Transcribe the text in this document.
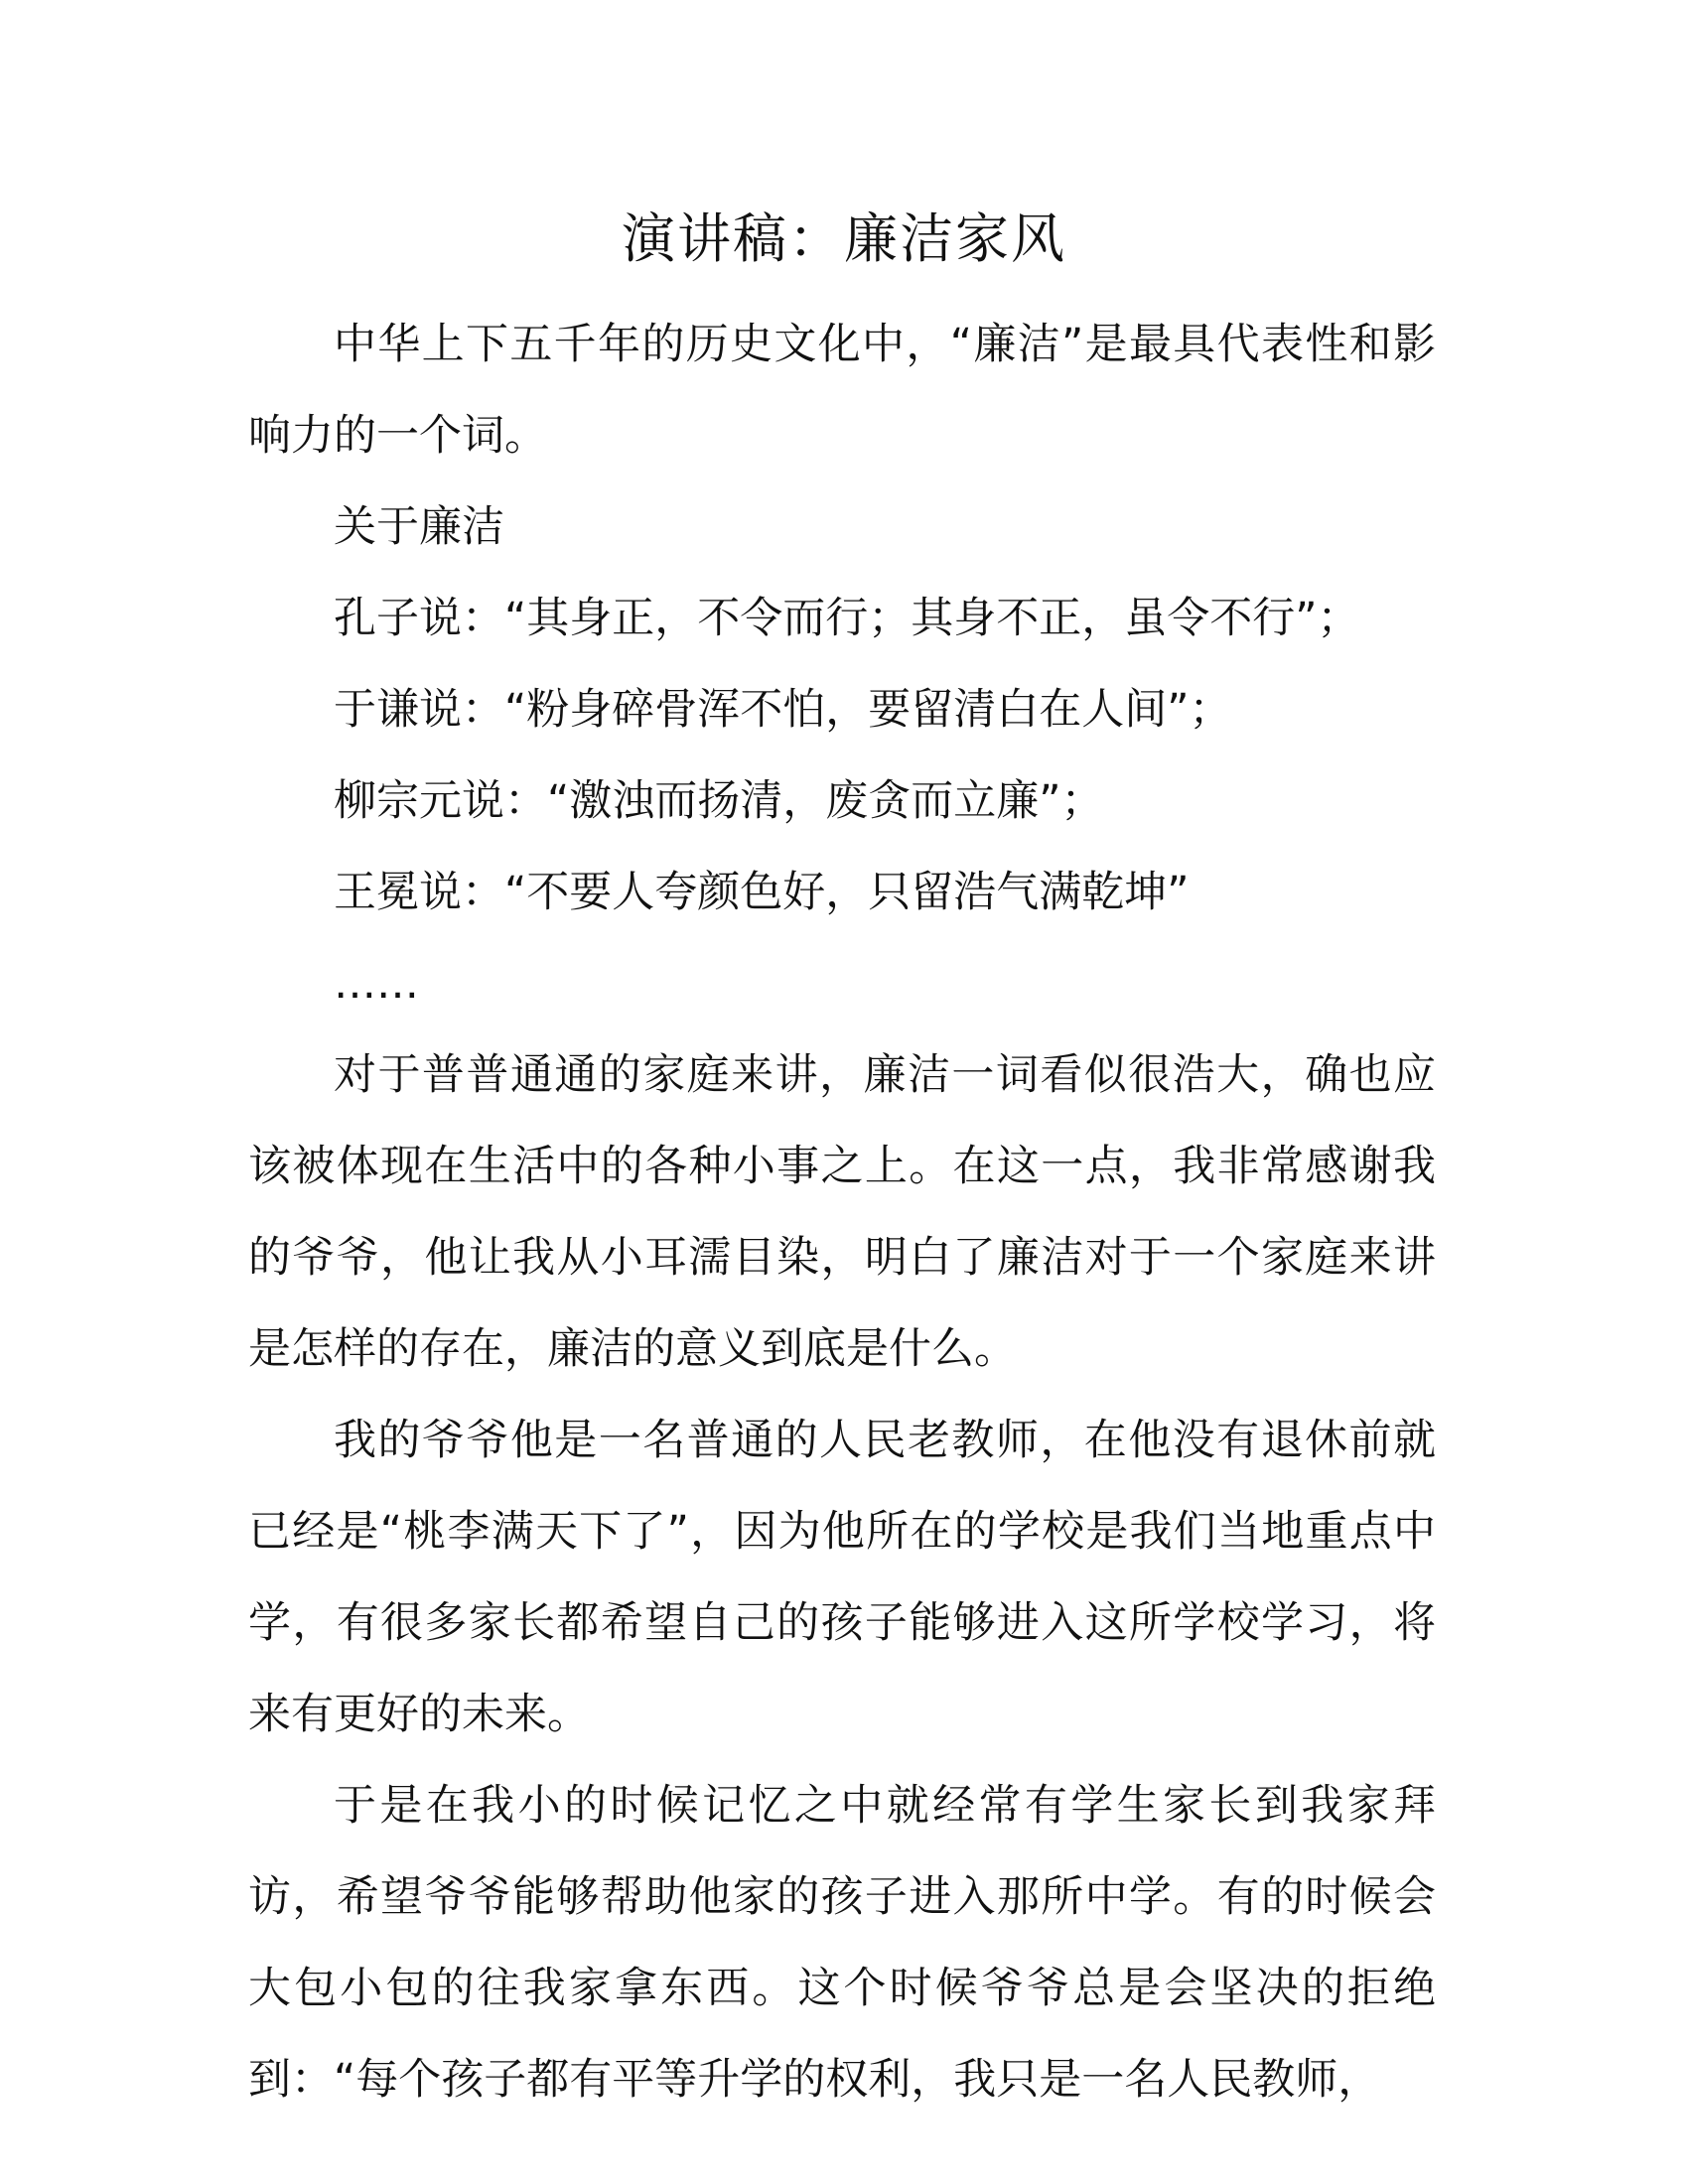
演讲稿：廉洁家风

中华上下五千年的历史文化中，“廉洁”是最具代表性和影响力的一个词。

关于廉洁

孔子说：“其身正，不令而行；其身不正，虽令不行”；

于谦说：“粉身碎骨浑不怕，要留清白在人间”；

柳宗元说：“激浊而扬清，废贪而立廉”；

王冕说：“不要人夸颜色好，只留浩气满乾坤”

……

对于普普通通的家庭来讲，廉洁一词看似很浩大，确也应该被体现在生活中的各种小事之上。在这一点，我非常感谢我的爷爷，他让我从小耳濡目染，明白了廉洁对于一个家庭来讲是怎样的存在，廉洁的意义到底是什么。

我的爷爷他是一名普通的人民老教师，在他没有退休前就已经是“桃李满天下了”，因为他所在的学校是我们当地重点中学，有很多家长都希望自己的孩子能够进入这所学校学习，将来有更好的未来。

于是在我小的时候记忆之中就经常有学生家长到我家拜访，希望爷爷能够帮助他家的孩子进入那所中学。有的时候会大包小包的往我家拿东西。这个时候爷爷总是会坚决的拒绝到：“每个孩子都有平等升学的权利，我只是一名人民教师，
